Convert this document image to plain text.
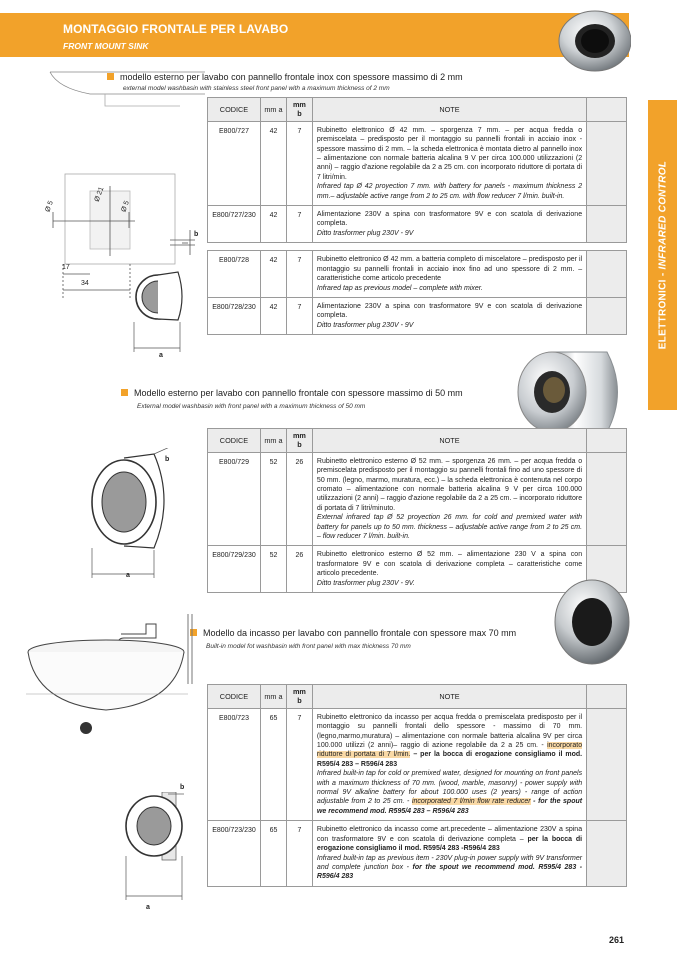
MONTAGGIO FRONTALE PER LAVABO
FRONT MOUNT SINK
ELETTRONICI - INFRARED CONTROL
modello esterno per lavabo con pannello frontale inox con spessore massimo di 2 mm
external model washbasin with stainless steel front panel with a maximum thickness of 2 mm
Ø 5
Ø 21
Ø 5
17
34
b
a
CODICE	mm a	mm b	NOTE	
E800/727	42	7	Rubinetto elettronico Ø 42 mm. – sporgenza 7 mm. – per acqua fredda o premiscelata – predisposto per il montaggio su pannelli frontali in acciaio inox - spessore massimo di 2 mm. – la scheda elettronica è montata dietro al pannello inox – alimentazione con normale batteria alcalina 9 V per circa 100.000 utilizzazioni (2 anni) – raggio d'azione regolabile da 2 a 25 cm. con incorporato riduttore di portata di 7 litri/min.
Infrared tap Ø 42 proyection 7 mm. with battery for panels - maximum thickness 2 mm.– adjustable active range from 2 to 25 cm. with flow reducer 7 l/min. built-in.	
E800/727/230	42	7	Alimentazione 230V a spina con trasformatore 9V e con scatola di derivazione completa.
Ditto trasformer plug 230V - 9V	

E800/728	42	7	Rubinetto elettronico Ø 42 mm. a batteria completo di miscelatore – predisposto per il montaggio su pannelli frontali in acciaio inox fino ad uno spessore di 2 mm. – caratteristiche come articolo precedente
Infrared tap as previous model – complete with mixer.	
E800/728/230	42	7	Alimentazione 230V a spina con trasformatore 9V e con scatola di derivazione completa.
Ditto trasformer plug 230V - 9V	
Modello esterno per lavabo con pannello frontale con spessore massimo di 50 mm
External model washbasin with front panel with a maximum thickness of 50 mm
b
a
CODICE	mm a	mm b	NOTE	
E800/729	52	26	Rubinetto elettronico esterno Ø 52 mm. – sporgenza 26 mm. – per acqua fredda o premiscelata predisposto per il montaggio su pannelli frontali fino ad uno spessore di 50 mm. (legno, marmo, muratura, ecc.) – la scheda elettronica è contenuta nel corpo cromato – alimentazione con normale batteria alcalina 9 V per circa 100.000 utilizzazioni (2 anni) – raggio d'azione regolabile da 2 a 25 cm. – incorporato riduttore di portata di 7 litri/minuto.
External infrared tap Ø 52 proyection 26 mm. for cold and premixed water with battery for panels up to 50 mm. thickness – adjustable active range from 2 to 25 cm. – flow reducer 7 l/min. built-in.	
E800/729/230	52	26	Rubinetto elettronico esterno Ø 52 mm. – alimentazione 230 V a spina con trasformatore 9V e con scatola di derivazione completa – caratteristiche come articolo precedente.
Ditto trasformer plug 230V - 9V.	
Modello da incasso per lavabo con pannello frontale con spessore max 70 mm
Built-in model fot washbasin with front panel with max thickness 70 mm
b
a
CODICE	mm a	mm b	NOTE	
E800/723	65	7	Rubinetto elettronico da incasso per acqua fredda o premiscelata predisposto per il montaggio su pannelli frontali dello spessore - massimo di 70 mm. (legno,marmo,muratura) – alimentazione con normale batteria alcalina 9V per circa 100.000 utilizzi (2 anni)– raggio di azione regolabile da 2 a 25 cm. - incorporato riduttore di portata di 7 l/min. – per la bocca di erogazione consigliamo il mod. R595/4 283 – R596/4 283
Infrared built-in tap for cold or premixed water, designed for mounting on front panels with a maximum thickness of 70 mm. (wood, marble, masonry) - power supply with normal 9V alkaline battery for about 100.000 uses (2 years) - range of action adjustable from 2 to 25 cm. - incorporated 7 l/min flow rate reducer - for the spout we recommend mod. R595/4 283 – R596/4 283	
E800/723/230	65	7	Rubinetto elettronico da incasso come art.precedente – alimentazione 230V a spina con trasformatore 9V e con scatola di derivazione completa – per la bocca di erogazione consigliamo il mod. R595/4 283 -R596/4 283
Infrared built-in tap as previous item - 230V plug-in power supply with 9V transformer and complete junction box - for the spout we recommend mod. R595/4 283 - R596/4 283	
261
